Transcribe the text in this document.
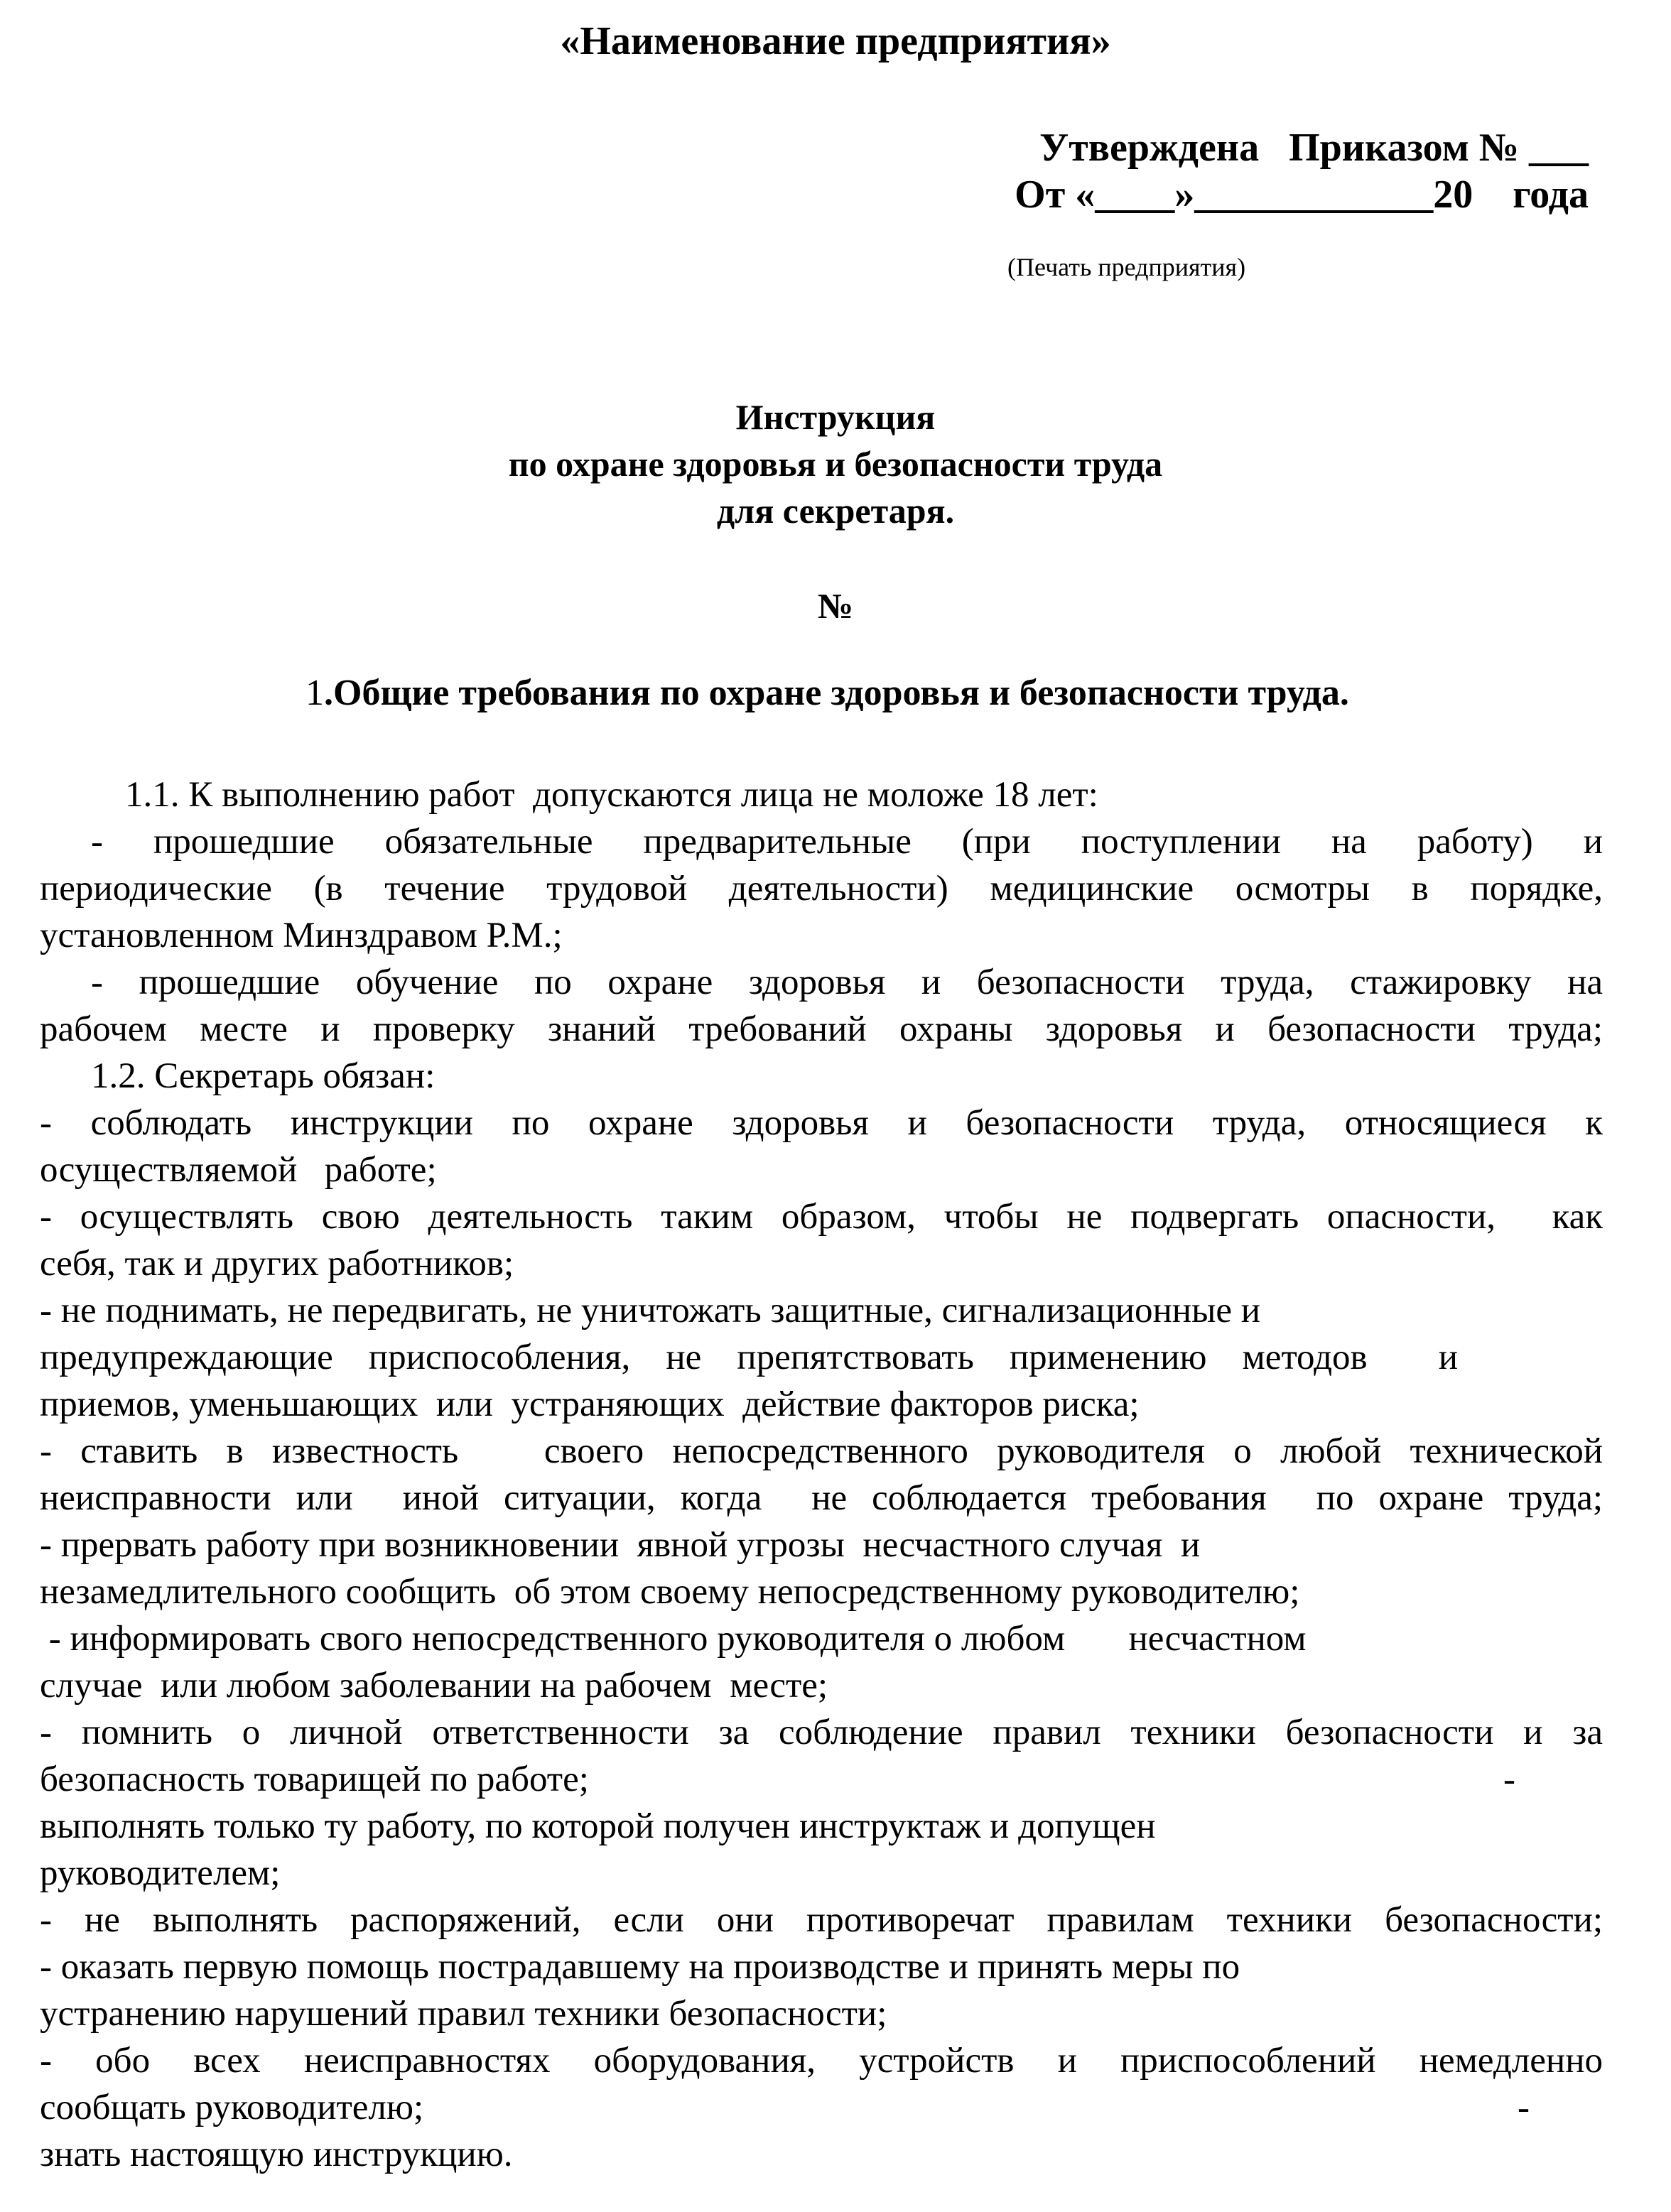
«Наименование предприятия»
Утверждена   Приказом № ___
От «____»____________20    года
(Печать предприятия)
Инструкция
по охране здоровья и безопасности труда
для секретаря.
№
1.Общие требования по охране здоровья и безопасности труда.
1.1. К выполнению работ  допускаются лица не моложе 18 лет:
- прошедшие обязательные предварительные (при поступлении на работу) и
периодические (в течение трудовой деятельности) медицинские осмотры в порядке,
установленном Минздравом Р.М.;
- прошедшие обучение по охране здоровья и безопасности труда, стажировку на
рабочем месте и проверку знаний требований охраны здоровья и безопасности труда;
1.2. Секретарь обязан:
- соблюдать инструкции по охране здоровья и безопасности труда, относящиеся к
осуществляемой   работе;
- осуществлять свою деятельность таким образом, чтобы не подвергать опасности,  как
себя, так и других работников;
- не поднимать, не передвигать, не уничтожать защитные, сигнализационные и
предупреждающие приспособления, не препятствовать применению методов  и
приемов, уменьшающих  или  устраняющих  действие факторов риска;
- ставить в известность   своего непосредственного руководителя о любой технической
неисправности или  иной ситуации, когда  не соблюдается требования  по охране труда;
- прервать работу при возникновении  явной угрозы  несчастного случая  и
незамедлительного сообщить  об этом своему непосредственному руководителю;
- информировать свого непосредственного руководителя о любом       несчастном
случае  или любом заболевании на рабочем  месте;
- помнить о личной ответственности за соблюдение правил техники безопасности и за
безопасность товарищей по работе;	-
выполнять только ту работу, по которой получен инструктаж и допущен
руководителем;
- не выполнять распоряжений, если они противоречат правилам техники безопасности;
- оказать первую помощь пострадавшему на производстве и принять меры по
устранению нарушений правил техники безопасности;
- обо всех неисправностях оборудования, устройств и приспособлений немедленно
сообщать руководителю;	-
знать настоящую инструкцию.
